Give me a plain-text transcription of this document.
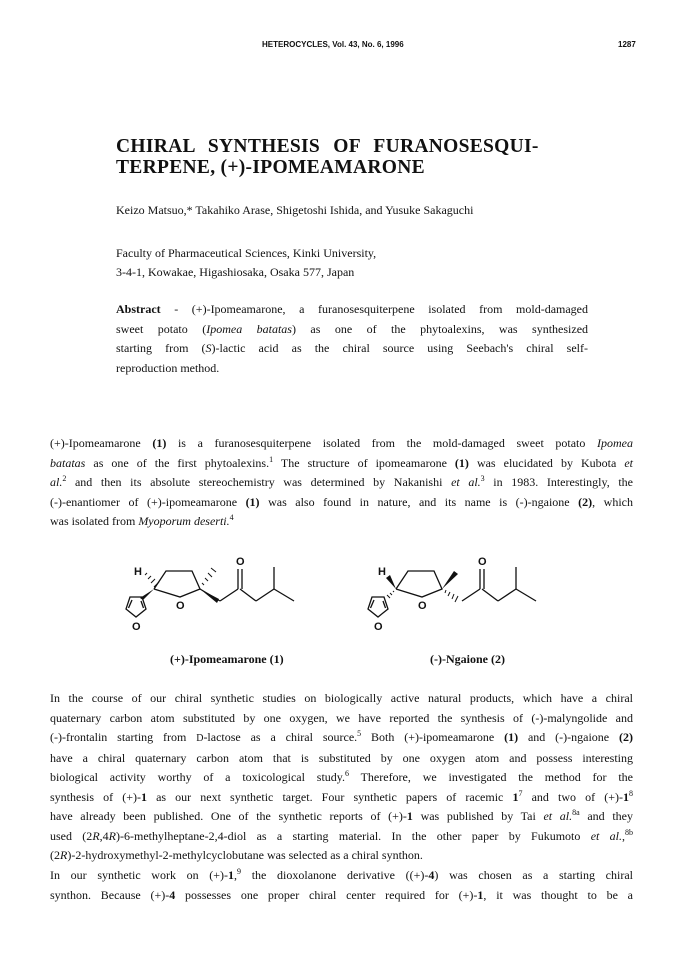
HETEROCYCLES, Vol. 43, No. 6, 1996	1287
CHIRAL SYNTHESIS OF FURANOSESQUI-
TERPENE, (+)-IPOMEAMARONE
Keizo Matsuo,* Takahiko Arase, Shigetoshi Ishida, and Yusuke Sakaguchi
Faculty of Pharmaceutical Sciences, Kinki University,
3-4-1, Kowakae, Higashiosaka, Osaka 577, Japan
Abstract - (+)-Ipomeamarone, a furanosesquiterpene isolated from mold-damaged
sweet potato (Ipomea batatas) as one of the phytoalexins, was synthesized
starting from (S)-lactic acid as the chiral source using Seebach's chiral self-
reproduction method.
(+)-Ipomeamarone (1) is a furanosesquiterpene isolated from the mold-damaged sweet potato Ipomea
batatas as one of the first phytoalexins.$^1$ The structure of ipomeamarone (1) was elucidated by Kubota et
al.$^2$ and then its absolute stereochemistry was determined by Nakanishi et al.$^3$ in 1983. Interestingly, the
(-)-enantiomer of (+)-ipomeamarone (1) was also found in nature, and its name is (-)-ngaione (2), which
was isolated from Myoporum deserti.$^4$
H
O
O
O
H
O
O
O
(+)-Ipomeamarone (1)	(-)-Ngaione (2)
In the course of our chiral synthetic studies on biologically active natural products, which have a chiral
quaternary carbon atom substituted by one oxygen, we have reported the synthesis of (-)-malyngolide and
(-)-frontalin starting from D-lactose as a chiral source.$^5$ Both (+)-ipomeamarone (1) and (-)-ngaione (2)
have a chiral quaternary carbon atom that is substituted by one oxygen atom and possess interesting
biological activity worthy of a toxicological study.$^6$ Therefore, we investigated the method for the
synthesis of (+)-1 as our next synthetic target. Four synthetic papers of racemic $1^7$ and two of $(+)-1^8$
have already been published. One of the synthetic reports of (+)-1 was published by Tai et al.$^{8a}$ and they
used (2R,4R)-6-methylheptane-2,4-diol as a starting material. In the other paper by Fukumoto et al.,$^{8b}$
(2R)-2-hydroxymethyl-2-methylcyclobutane was selected as a chiral synthon.
In our synthetic work on (+)-1,$^9$ the dioxolanone derivative ((+)-4) was chosen as a starting chiral
synthon. Because (+)-4 possesses one proper chiral center required for (+)-1, it was thought to be a
